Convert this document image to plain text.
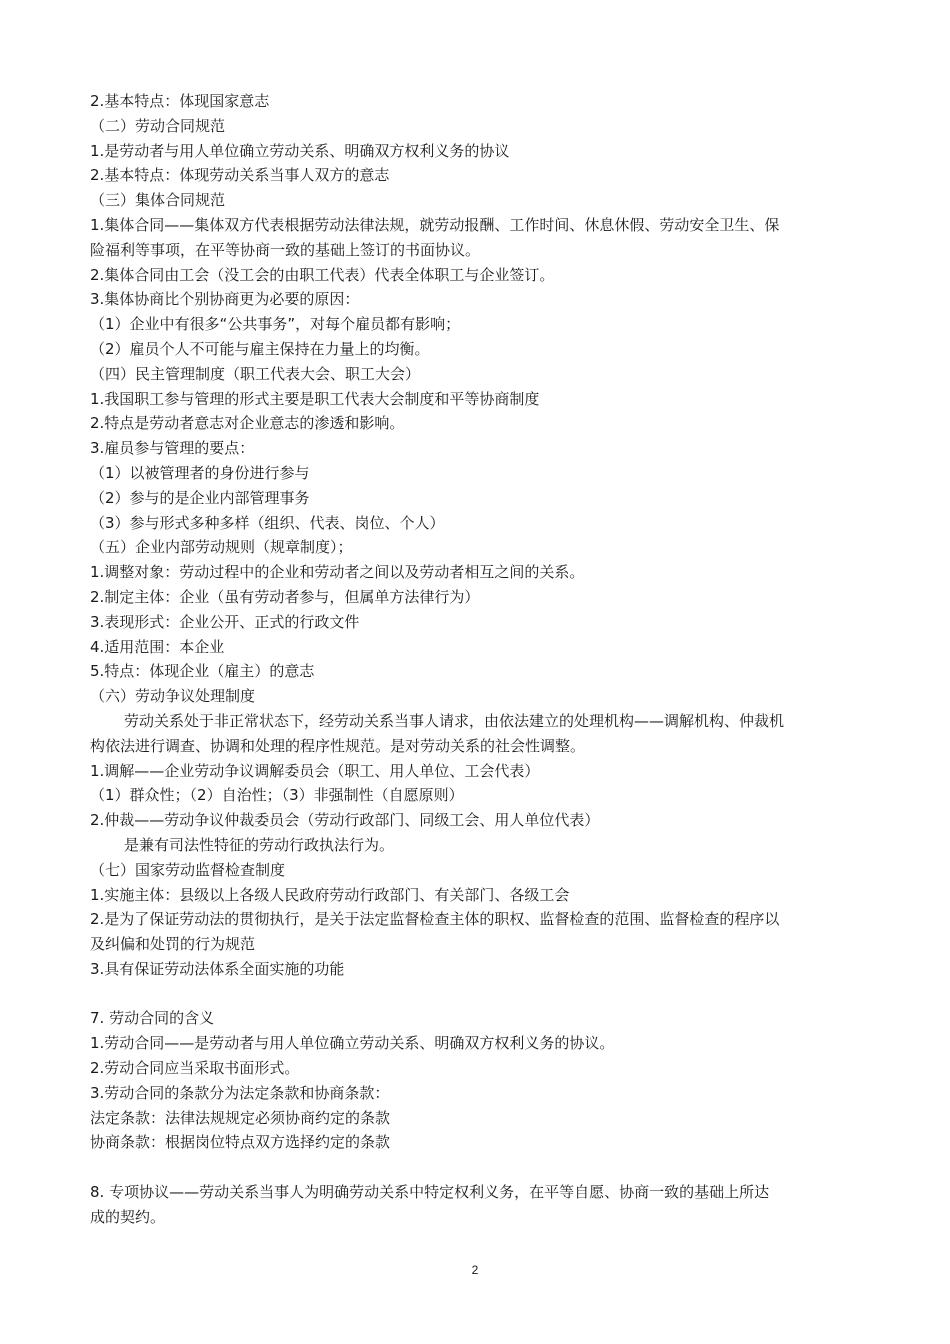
2.基本特点：体现国家意志
（二）劳动合同规范
1.是劳动者与用人单位确立劳动关系、明确双方权利义务的协议
2.基本特点：体现劳动关系当事人双方的意志
（三）集体合同规范
1.集体合同——集体双方代表根据劳动法律法规，就劳动报酬、工作时间、休息休假、劳动安全卫生、保
险福利等事项，在平等协商一致的基础上签订的书面协议。
2.集体合同由工会（没工会的由职工代表）代表全体职工与企业签订。
3.集体协商比个别协商更为必要的原因：
（1）企业中有很多“公共事务”，对每个雇员都有影响；
（2）雇员个人不可能与雇主保持在力量上的均衡。
（四）民主管理制度（职工代表大会、职工大会）
1.我国职工参与管理的形式主要是职工代表大会制度和平等协商制度
2.特点是劳动者意志对企业意志的渗透和影响。
3.雇员参与管理的要点：
（1）以被管理者的身份进行参与
（2）参与的是企业内部管理事务
（3）参与形式多种多样（组织、代表、岗位、个人）
（五）企业内部劳动规则（规章制度）；
1.调整对象：劳动过程中的企业和劳动者之间以及劳动者相互之间的关系。
2.制定主体：企业（虽有劳动者参与，但属单方法律行为）
3.表现形式：企业公开、正式的行政文件
4.适用范围：本企业
5.特点：体现企业（雇主）的意志
（六）劳动争议处理制度
劳动关系处于非正常状态下，经劳动关系当事人请求，由依法建立的处理机构——调解机构、仲裁机
构依法进行调查、协调和处理的程序性规范。是对劳动关系的社会性调整。
1.调解——企业劳动争议调解委员会（职工、用人单位、工会代表）
（1）群众性；（2）自治性；（3）非强制性（自愿原则）
2.仲裁——劳动争议仲裁委员会（劳动行政部门、同级工会、用人单位代表）
是兼有司法性特征的劳动行政执法行为。
（七）国家劳动监督检查制度
1.实施主体：县级以上各级人民政府劳动行政部门、有关部门、各级工会
2.是为了保证劳动法的贯彻执行，是关于法定监督检查主体的职权、监督检查的范围、监督检查的程序以
及纠偏和处罚的行为规范
3.具有保证劳动法体系全面实施的功能
7. 劳动合同的含义
1.劳动合同——是劳动者与用人单位确立劳动关系、明确双方权利义务的协议。
2.劳动合同应当采取书面形式。
3.劳动合同的条款分为法定条款和协商条款：
法定条款：法律法规规定必须协商约定的条款
协商条款：根据岗位特点双方选择约定的条款
8. 专项协议——劳动关系当事人为明确劳动关系中特定权利义务，在平等自愿、协商一致的基础上所达
成的契约。
2
